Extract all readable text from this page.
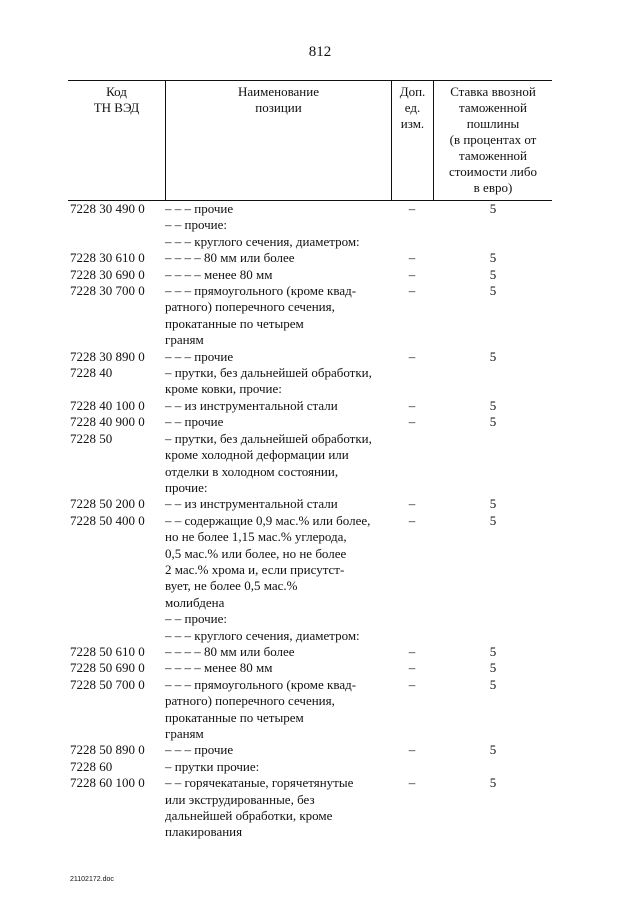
812
Код
ТН ВЭД
Наименование
позиции
Доп.
ед.
изм.
Ставка ввозной
таможенной
пошлины
(в процентах от
таможенной
стоимости либо
в евро)
7228 30 490 0	– – – прочие	–	5
– – прочие:
– – – круглого сечения, диаметром:
7228 30 610 0	– – – – 80 мм или более	–	5
7228 30 690 0	– – – – менее 80 мм	–	5
7228 30 700 0	– – – прямоугольного (кроме квад-
ратного) поперечного сечения,
прокатанные по четырем
граням
–	5
7228 30 890 0	– – – прочие	–	5
7228 40	– прутки, без дальнейшей обработки,
кроме ковки, прочие:
7228 40 100 0	– – из инструментальной стали	–	5
7228 40 900 0	– – прочие	–	5
7228 50	– прутки, без дальнейшей обработки,
кроме холодной деформации или
отделки в холодном состоянии,
прочие:
7228 50 200 0	– – из инструментальной стали	–	5
7228 50 400 0	– – содержащие 0,9 мас.% или более,
но не более 1,15 мас.% углерода,
0,5 мас.% или более, но не более
2 мас.% хрома и, если присутст-
вует, не более 0,5 мас.%
молибдена
–	5
– – прочие:
– – – круглого сечения, диаметром:
7228 50 610 0	– – – – 80 мм или более	–	5
7228 50 690 0	– – – – менее 80 мм	–	5
7228 50 700 0	– – – прямоугольного (кроме квад-
ратного) поперечного сечения,
прокатанные по четырем
граням
–	5
7228 50 890 0	– – – прочие	–	5
7228 60	– прутки прочие:
7228 60 100 0	– – горячекатаные, горячетянутые
или экструдированные, без
дальнейшей обработки, кроме
плакирования
–	5
21102172.doc
